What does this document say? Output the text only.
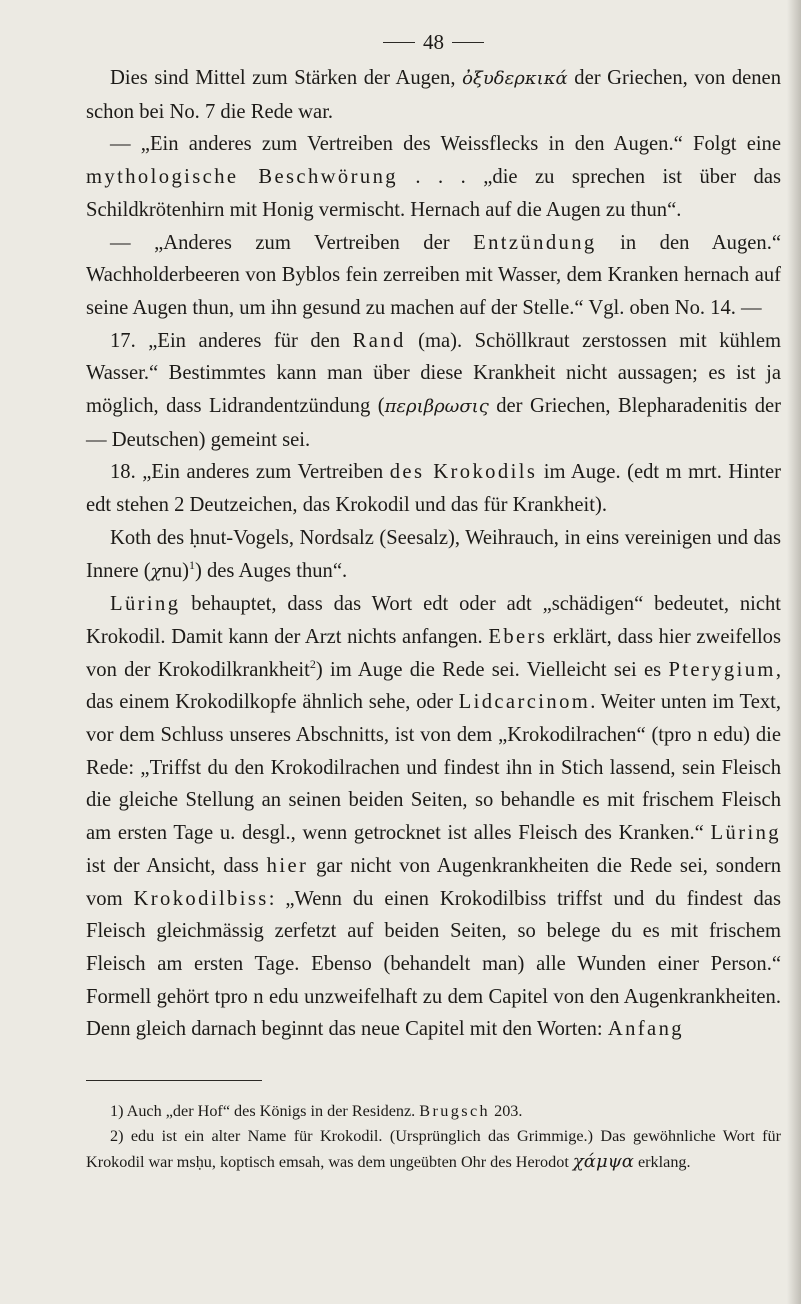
48

Dies sind Mittel zum Stärken der Augen, ὀξυδερκικά der Griechen, von denen schon bei No. 7 die Rede war.

— „Ein anderes zum Vertreiben des Weissflecks in den Augen.“ Folgt eine mythologische Beschwörung . . . „die zu sprechen ist über das Schildkrötenhirn mit Honig vermischt. Hernach auf die Augen zu thun“.

— „Anderes zum Vertreiben der Entzündung in den Augen.“ Wachholderbeeren von Byblos fein zerreiben mit Wasser, dem Kranken hernach auf seine Augen thun, um ihn gesund zu machen auf der Stelle.“ Vgl. oben No. 14. —

17. „Ein anderes für den Rand (ma). Schöllkraut zerstossen mit kühlem Wasser.“ Bestimmtes kann man über diese Krankheit nicht aussagen; es ist ja möglich, dass Lidrandentzündung (περιβρωσις der Griechen, Blepharadenitis der — Deutschen) gemeint sei.

18. „Ein anderes zum Vertreiben des Krokodils im Auge. (edt m mrt. Hinter edt stehen 2 Deutzeichen, das Krokodil und das für Krankheit).

Koth des ḥnut-Vogels, Nordsalz (Seesalz), Weihrauch, in eins vereinigen und das Innere $(\chi nu)^1$) des Auges thun“.

Lüring behauptet, dass das Wort edt oder adt „schädigen“ bedeutet, nicht Krokodil. Damit kann der Arzt nichts anfangen. Ebers erklärt, dass hier zweifellos von der Krokodilkrankheit$^2$) im Auge die Rede sei. Vielleicht sei es Pterygium, das einem Krokodilkopfe ähnlich sehe, oder Lidcarcinom. Weiter unten im Text, vor dem Schluss unseres Abschnitts, ist von dem „Krokodilrachen“ (tpro n edu) die Rede: „Triffst du den Krokodilrachen und findest ihn in Stich lassend, sein Fleisch die gleiche Stellung an seinen beiden Seiten, so behandle es mit frischem Fleisch am ersten Tage u. desgl., wenn getrocknet ist alles Fleisch des Kranken.“ Lüring ist der Ansicht, dass hier gar nicht von Augenkrankheiten die Rede sei, sondern vom Krokodilbiss: „Wenn du einen Krokodilbiss triffst und du findest das Fleisch gleichmässig zerfetzt auf beiden Seiten, so belege du es mit frischem Fleisch am ersten Tage. Ebenso (behandelt man) alle Wunden einer Person.“ Formell gehört tpro n edu unzweifelhaft zu dem Capitel von den Augenkrankheiten. Denn gleich darnach beginnt das neue Capitel mit den Worten: Anfang

1) Auch „der Hof“ des Königs in der Residenz. Brugsch 203.

2) edu ist ein alter Name für Krokodil. (Ursprünglich das Grimmige.) Das gewöhnliche Wort für Krokodil war msḥu, koptisch emsah, was dem ungeübten Ohr des Herodot χάμψα erklang.
